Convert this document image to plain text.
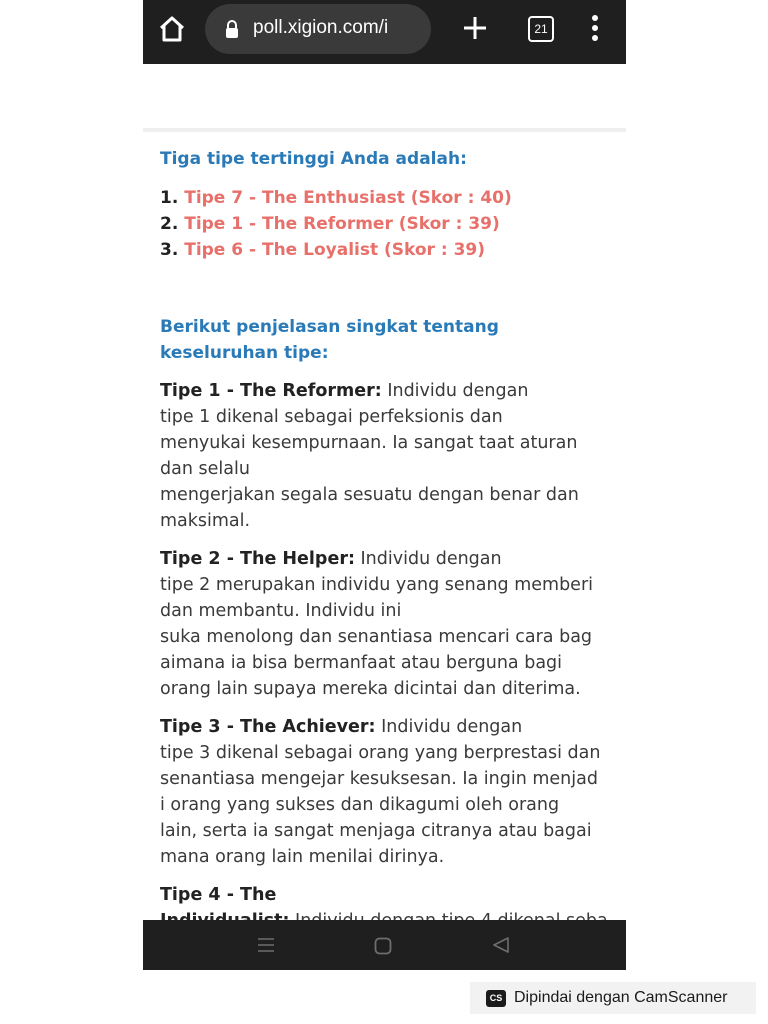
poll.xigion.com/i	21
Tiga tipe tertinggi Anda adalah:
1. Tipe 7 - The Enthusiast (Skor : 40)
2. Tipe 1 - The Reformer (Skor : 39)
3. Tipe 6 - The Loyalist (Skor : 39)
Berikut penjelasan singkat tentang
keseluruhan tipe:
Tipe 1 - The Reformer: Individu dengan
tipe 1 dikenal sebagai perfeksionis dan
menyukai kesempurnaan. Ia sangat taat aturan
dan selalu
mengerjakan segala sesuatu dengan benar dan
maksimal.
Tipe 2 - The Helper: Individu dengan
tipe 2 merupakan individu yang senang memberi
dan membantu. Individu ini
suka menolong dan senantiasa mencari cara bag
aimana ia bisa bermanfaat atau berguna bagi
orang lain supaya mereka dicintai dan diterima.
Tipe 3 - The Achiever: Individu dengan
tipe 3 dikenal sebagai orang yang berprestasi dan
senantiasa mengejar kesuksesan. Ia ingin menjad
i orang yang sukses dan dikagumi oleh orang
lain, serta ia sangat menjaga citranya atau bagai
mana orang lain menilai dirinya.
Tipe 4 - The
CS Dipindai dengan CamScanner
